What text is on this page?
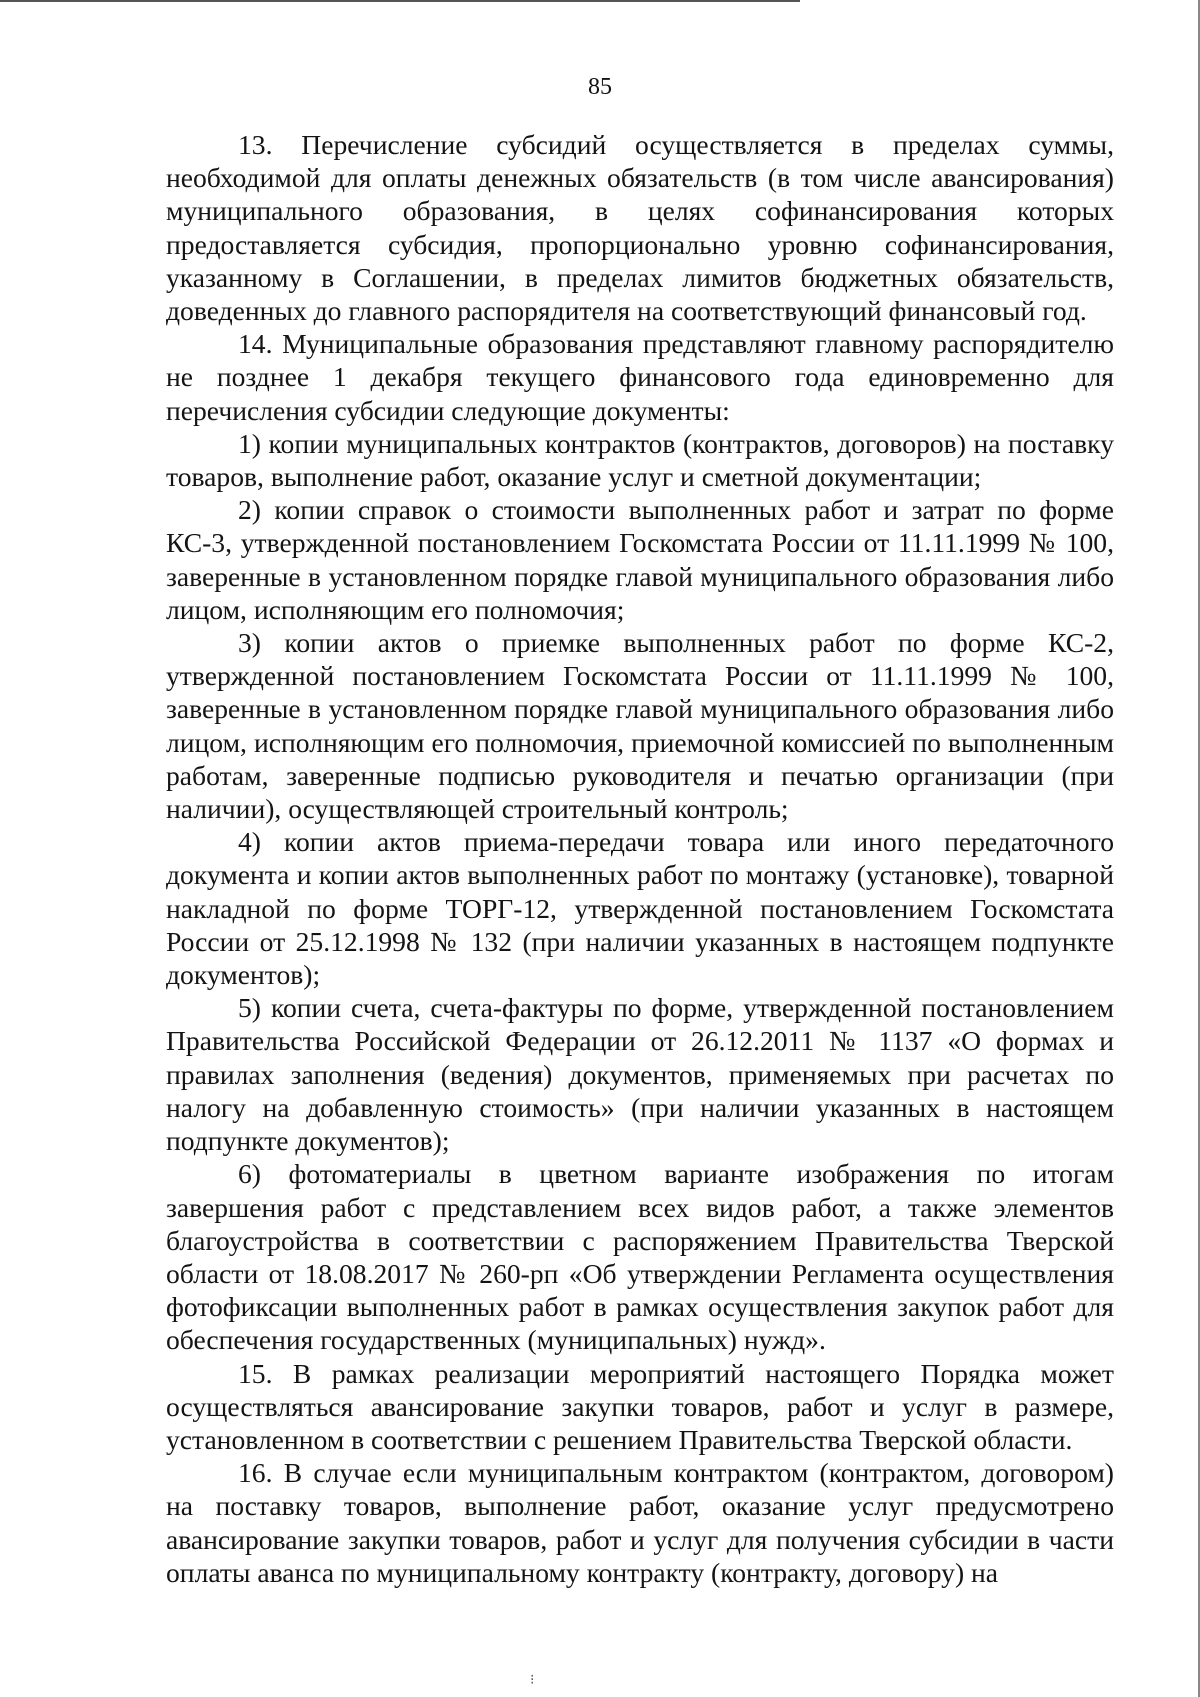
85

13. Перечисление субсидий осуществляется в пределах суммы, необходимой для оплаты денежных обязательств (в том числе авансирования) муниципального образования, в целях софинансирования которых предоставляется субсидия, пропорционально уровню софинансирования, указанному в Соглашении, в пределах лимитов бюджетных обязательств, доведенных до главного распорядителя на соответствующий финансовый год.

14. Муниципальные образования представляют главному распорядителю не позднее 1 декабря текущего финансового года единовременно для перечисления субсидии следующие документы:

1) копии муниципальных контрактов (контрактов, договоров) на поставку товаров, выполнение работ, оказание услуг и сметной документации;

2) копии справок о стоимости выполненных работ и затрат по форме КС-3, утвержденной постановлением Госкомстата России от 11.11.1999 № 100, заверенные в установленном порядке главой муниципального образования либо лицом, исполняющим его полномочия;

3) копии актов о приемке выполненных работ по форме КС-2, утвержденной постановлением Госкомстата России от 11.11.1999 № 100, заверенные в установленном порядке главой муниципального образования либо лицом, исполняющим его полномочия, приемочной комиссией по выполненным работам, заверенные подписью руководителя и печатью организации (при наличии), осуществляющей строительный контроль;

4) копии актов приема-передачи товара или иного передаточного документа и копии актов выполненных работ по монтажу (установке), товарной накладной по форме ТОРГ-12, утвержденной постановлением Госкомстата России от 25.12.1998 № 132 (при наличии указанных в настоящем подпункте документов);

5) копии счета, счета-фактуры по форме, утвержденной постановлением Правительства Российской Федерации от 26.12.2011 № 1137 «О формах и правилах заполнения (ведения) документов, применяемых при расчетах по налогу на добавленную стоимость» (при наличии указанных в настоящем подпункте документов);

6) фотоматериалы в цветном варианте изображения по итогам завершения работ с представлением всех видов работ, а также элементов благоустройства в соответствии с распоряжением Правительства Тверской области от 18.08.2017 № 260-рп «Об утверждении Регламента осуществления фотофиксации выполненных работ в рамках осуществления закупок работ для обеспечения государственных (муниципальных) нужд».

15. В рамках реализации мероприятий настоящего Порядка может осуществляться авансирование закупки товаров, работ и услуг в размере, установленном в соответствии с решением Правительства Тверской области.

16. В случае если муниципальным контрактом (контрактом, договором) на поставку товаров, выполнение работ, оказание услуг предусмотрено авансирование закупки товаров, работ и услуг для получения субсидии в части оплаты аванса по муниципальному контракту (контракту, договору) на

⁝
